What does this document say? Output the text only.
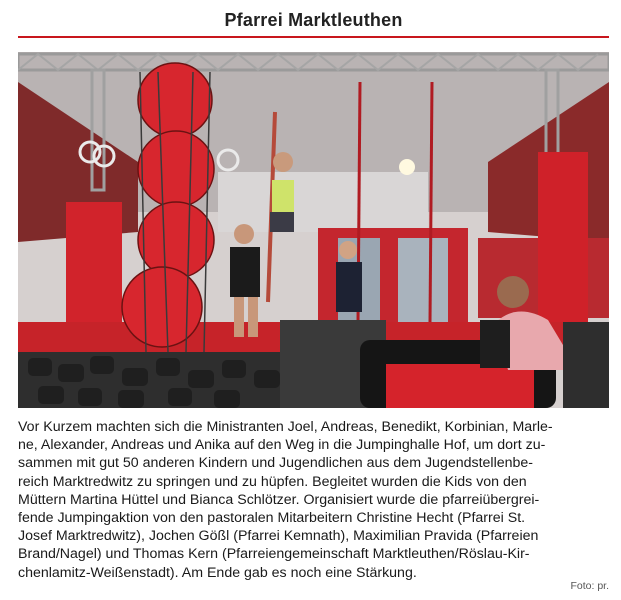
Pfarrei Marktleuthen
Vor Kurzem machten sich die Ministranten Joel, Andreas, Benedikt, Korbinian, Marle-
ne, Alexander, Andreas und Anika auf den Weg in die Jumpinghalle Hof, um dort zu-
sammen mit gut 50 anderen Kindern und Jugendlichen aus dem Jugendstellenbe-
reich Marktredwitz zu springen und zu hüpfen. Begleitet wurden die Kids von den
Müttern Martina Hüttel und Bianca Schlötzer. Organisiert wurde die pfarreiübergrei-
fende Jumpingaktion von den pastoralen Mitarbeitern Christine Hecht (Pfarrei St.
Josef Marktredwitz), Jochen Gößl (Pfarrei Kemnath), Maximilian Pravida (Pfarreien
Brand/Nagel) und Thomas Kern (Pfarreiengemeinschaft Marktleuthen/Röslau-Kir-
chenlamitz-Weißenstadt). Am Ende gab es noch eine Stärkung.
Foto: pr.
